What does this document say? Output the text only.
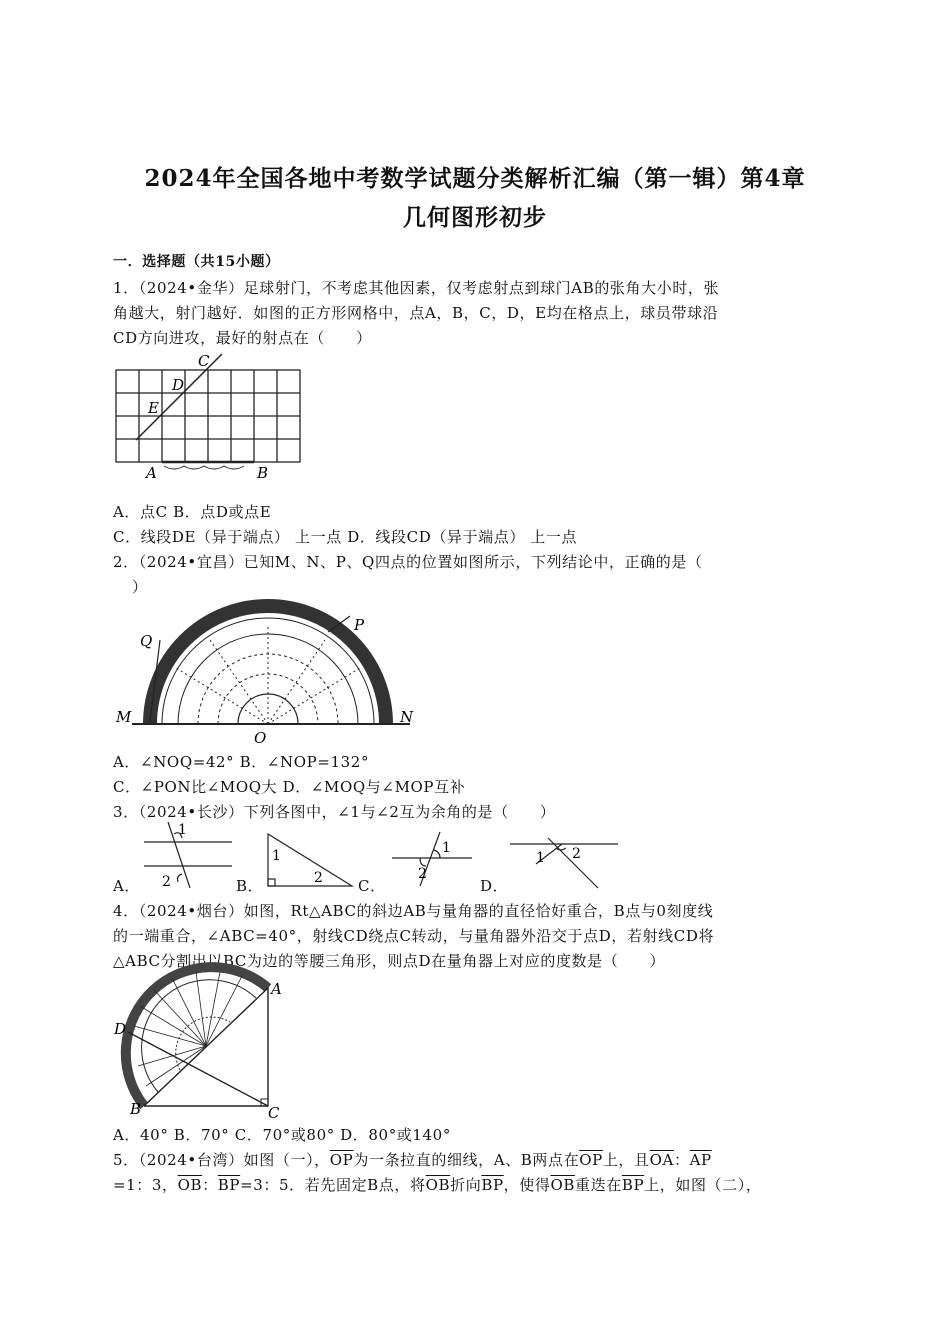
2024年全国各地中考数学试题分类解析汇编（第一辑）第4章
几何图形初步
一．选择题（共15小题）
1．（2024•金华）足球射门，不考虑其他因素，仅考虑射点到球门AB的张角大小时，张
角越大，射门越好．如图的正方形网格中，点A，B，C，D，E均在格点上，球员带球沿
CD方向进攻，最好的射点在（　　）
C
D
E
A	B
A．点C B．点D或点E
C．线段DE（异于端点） 上一点 D．线段CD（异于端点） 上一点
2．（2024•宜昌）已知M、N、P、Q四点的位置如图所示，下列结论中，正确的是（
）
Q
P
M
O
N
A．∠NOQ=42° B．∠NOP=132°
C．∠PON比∠MOQ大 D．∠MOQ与∠MOP互补
3．（2024•长沙）下列各图中，∠1与∠2互为余角的是（　　）
A．	B．	C．	D．
1
2
1
2
1
2
1 2
4．（2024•烟台）如图，Rt△ABC的斜边AB与量角器的直径恰好重合，B点与0刻度线
的一端重合，∠ABC=40°，射线CD绕点C转动，与量角器外沿交于点D，若射线CD将
△ABC分割出以BC为边的等腰三角形，则点D在量角器上对应的度数是（　　）
A
D
B	C
A．40° B．70° C．70°或80° D．80°或140°
5．（2024•台湾）如图（一），$\overline{OP}$为一条拉直的细线，A、B两点在$\overline{OP}$上，且$\overline{OA}$：$\overline{AP}$
=1：3，$\overline{OB}$：$\overline{BP}=3$：5．若先固定B点，将$\overline{OB}$折向$\overline{BP}$，使得$\overline{OB}$重迭在$\overline{BP}$上，如图（二），
